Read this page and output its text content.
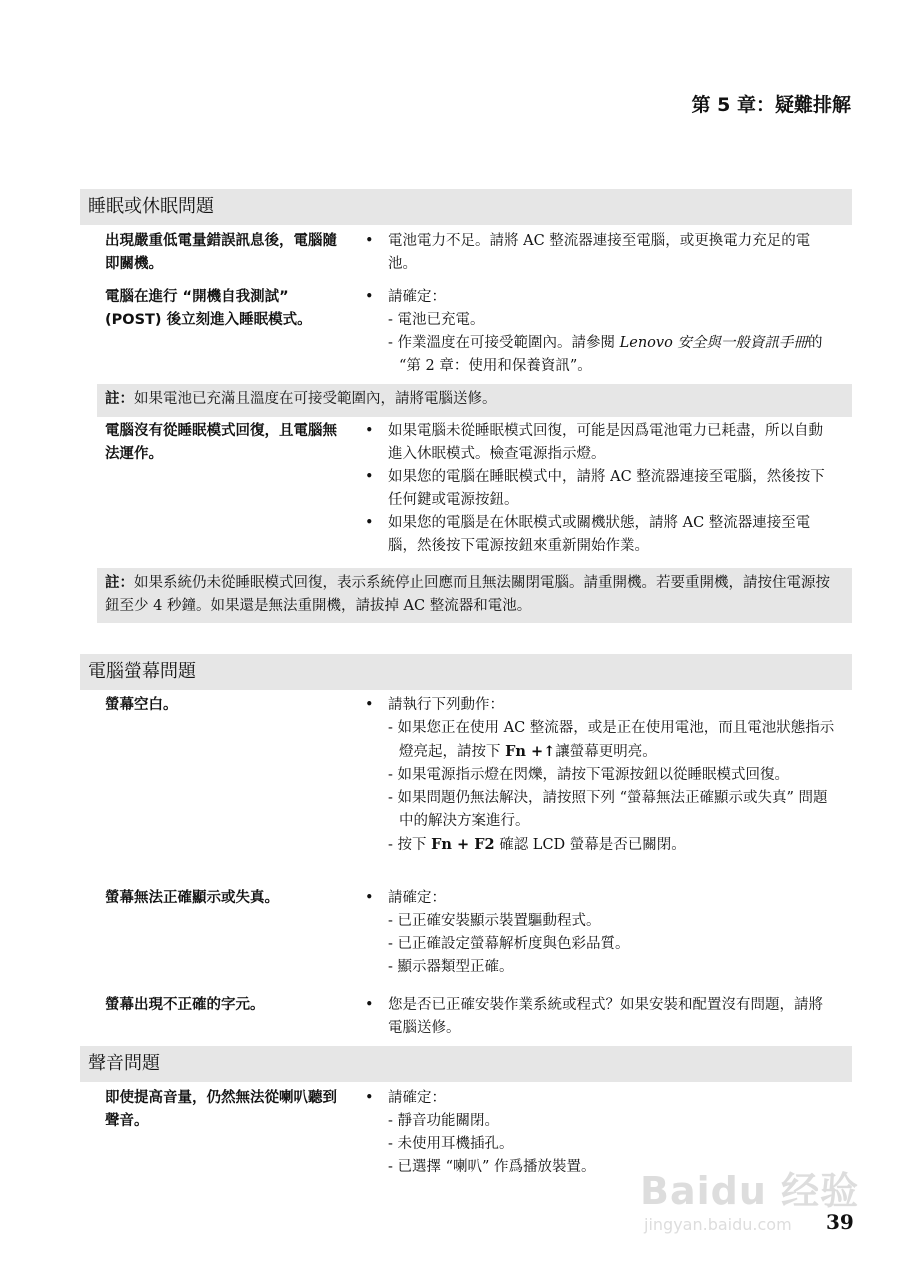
第 5 章：疑難排解
睡眠或休眠問題
出現嚴重低電量錯誤訊息後，電腦隨即關機。
• 電池電力不足。請將 AC 整流器連接至電腦，或更換電力充足的電池。
電腦在進行 “開機自我測試” (POST) 後立刻進入睡眠模式。
• 請確定：
- 電池已充電。
- 作業溫度在可接受範圍內。請參閱 Lenovo 安全與一般資訊手冊的 “第 2 章：使用和保養資訊”。
註：如果電池已充滿且溫度在可接受範圍內，請將電腦送修。
電腦沒有從睡眠模式回復，且電腦無法運作。
• 如果電腦未從睡眠模式回復，可能是因爲電池電力已耗盡，所以自動進入休眠模式。檢查電源指示燈。
• 如果您的電腦在睡眠模式中，請將 AC 整流器連接至電腦，然後按下任何鍵或電源按鈕。
• 如果您的電腦是在休眠模式或關機狀態，請將 AC 整流器連接至電腦，然後按下電源按鈕來重新開始作業。
註：如果系統仍未從睡眠模式回復，表示系統停止回應而且無法關閉電腦。請重開機。若要重開機，請按住電源按鈕至少 4 秒鐘。如果還是無法重開機，請拔掉 AC 整流器和電池。
電腦螢幕問題
螢幕空白。	• 請執行下列動作：
- 如果您正在使用 AC 整流器，或是正在使用電池，而且電池狀態指示燈亮起，請按下 Fn +↑讓螢幕更明亮。
- 如果電源指示燈在閃爍，請按下電源按鈕以從睡眠模式回復。
- 如果問題仍無法解決，請按照下列 “螢幕無法正確顯示或失真” 問題中的解決方案進行。
- 按下 Fn + F2 確認 LCD 螢幕是否已關閉。
螢幕無法正確顯示或失真。	• 請確定：
- 已正確安裝顯示裝置驅動程式。
- 已正確設定螢幕解析度與色彩品質。
- 顯示器類型正確。
螢幕出現不正確的字元。	• 您是否已正確安裝作業系統或程式？如果安裝和配置沒有問題，請將電腦送修。
聲音問題
即使提高音量，仍然無法從喇叭聽到聲音。
• 請確定：
- 靜音功能關閉。
- 未使用耳機插孔。
- 已選擇 “喇叭” 作爲播放裝置。
Baidu 经验
jingyan.baidu.com	39
